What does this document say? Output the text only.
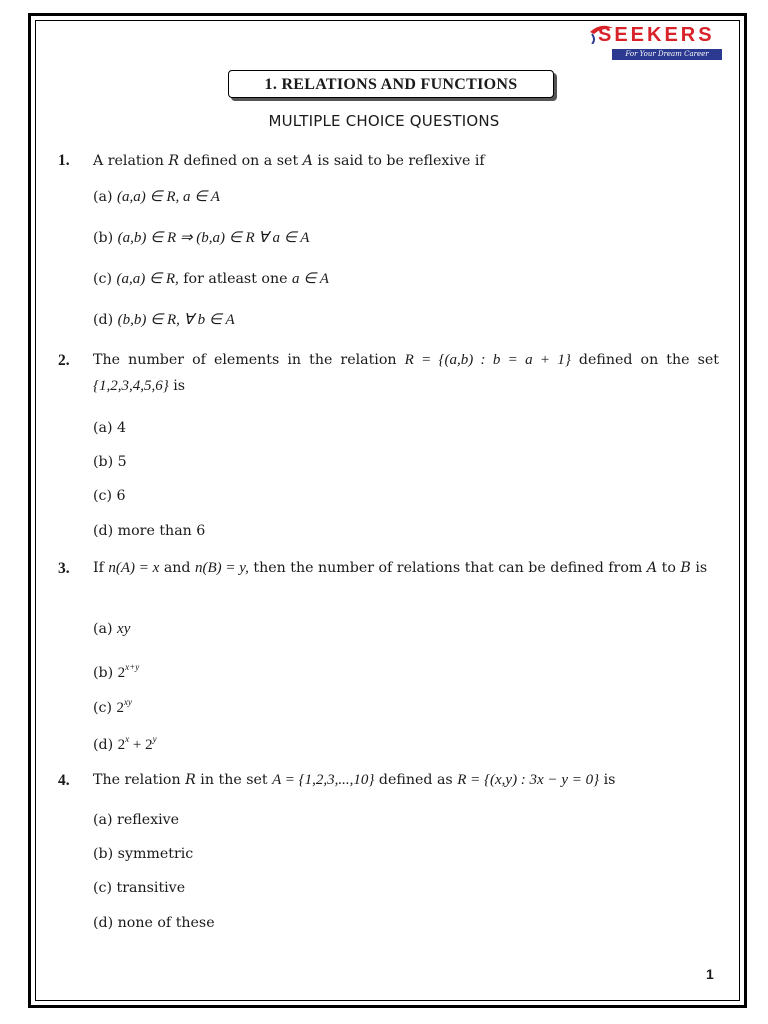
SEEKERS
For Your Dream Career
1. RELATIONS AND FUNCTIONS
MULTIPLE CHOICE QUESTIONS
1. A relation R defined on a set A is said to be reflexive if
(a) (a,a) ∈ R, a ∈ A
(b) (a,b) ∈ R ⇒ (b,a) ∈ R ∀ a ∈ A
(c) (a,a) ∈ R, for atleast one a ∈ A
(d) (b,b) ∈ R, ∀ b ∈ A
2. The number of elements in the relation R = {(a,b) : b = a + 1} defined on the set {1,2,3,4,5,6} is
(a) 4
(b) 5
(c) 6
(d) more than 6
3. If n(A) = x and n(B) = y, then the number of relations that can be defined from A to B is
(a) xy
(b) $2^{x+y}$
(c) $2^{xy}$
(d) $2^x + 2^y$
4. The relation R in the set A = {1,2,3,...,10} defined as R = {(x,y) : 3x − y = 0} is
(a) reflexive
(b) symmetric
(c) transitive
(d) none of these
1
